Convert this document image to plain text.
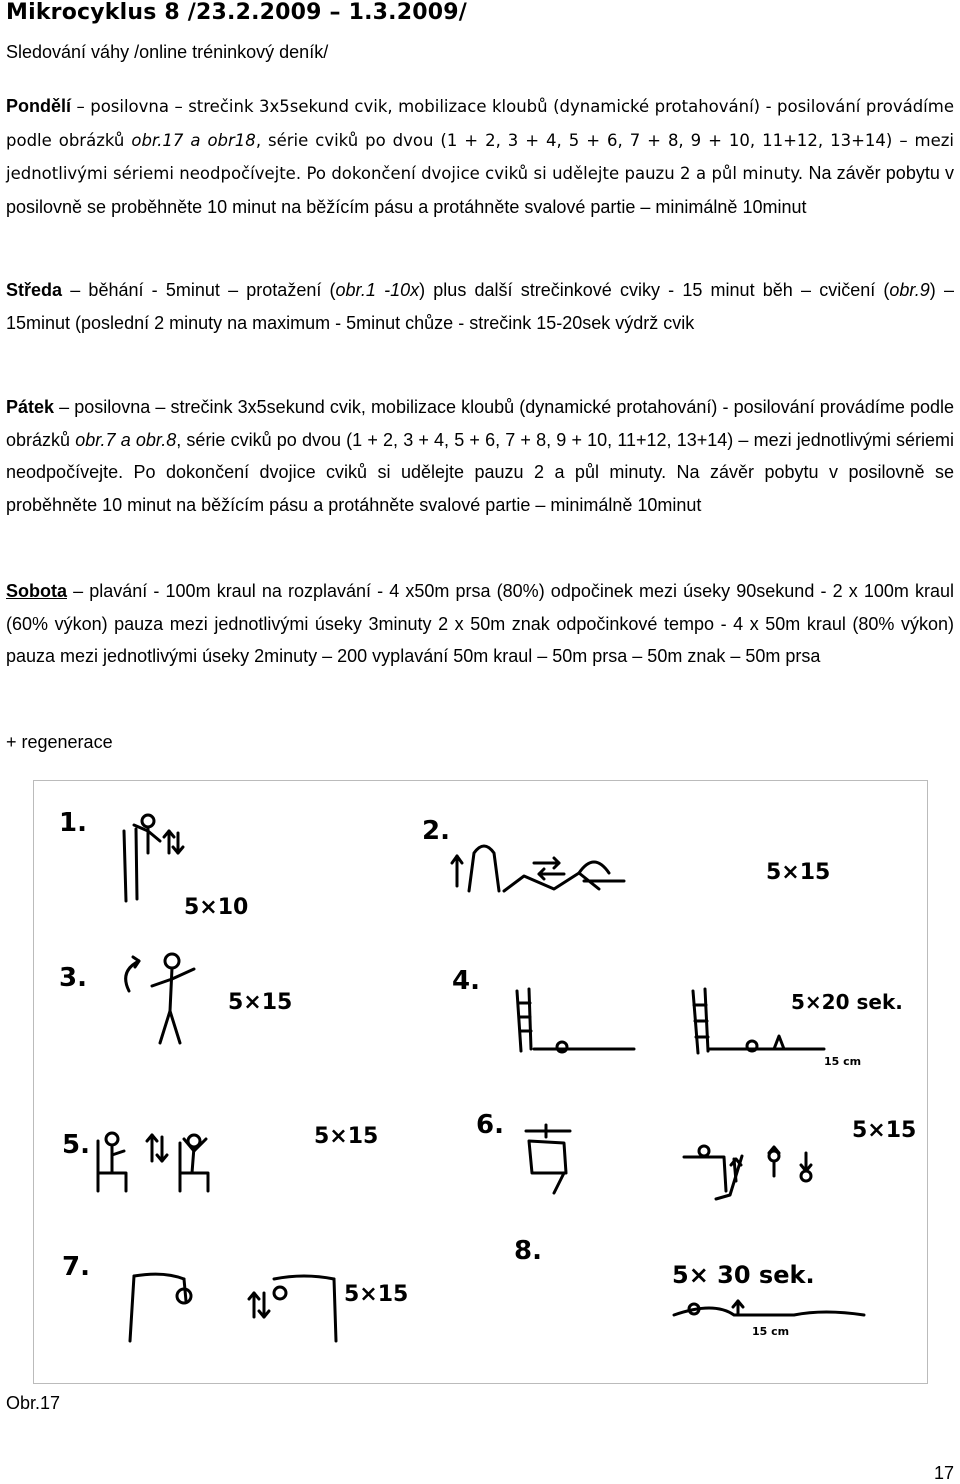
Mikrocyklus 8 /23.2.2009 – 1.3.2009/
Sledování váhy /online tréninkový deník/
Pondělí – posilovna – strečink 3x5sekund cvik, mobilizace kloubů (dynamické protahování) - posilování provádíme podle obrázků obr.17 a obr18, série cviků po dvou (1 + 2, 3 + 4, 5 + 6, 7 + 8, 9 + 10, 11+12, 13+14) – mezi jednotlivými sériemi neodpočívejte. Po dokončení dvojice cviků si udělejte pauzu 2 a půl minuty. Na závěr pobytu v posilovně se proběhněte 10 minut na běžícím pásu a protáhněte svalové partie – minimálně 10minut
Středa – běhání - 5minut – protažení (obr.1 -10x) plus další strečinkové cviky - 15 minut běh – cvičení (obr.9) – 15minut (poslední 2 minuty na maximum - 5minut chůze - strečink 15-20sek výdrž cvik
Pátek – posilovna – strečink 3x5sekund cvik, mobilizace kloubů (dynamické protahování) - posilování provádíme podle obrázků obr.7 a obr.8, série cviků po dvou (1 + 2, 3 + 4, 5 + 6, 7 + 8, 9 + 10, 11+12, 13+14) – mezi jednotlivými sériemi neodpočívejte. Po dokončení dvojice cviků si udělejte pauzu 2 a půl minuty. Na závěr pobytu v posilovně se proběhněte 10 minut na běžícím pásu a protáhněte svalové partie – minimálně 10minut
Sobota – plavání - 100m kraul na rozplavání - 4 x50m prsa (80%) odpočinek mezi úseky 90sekund - 2 x 100m kraul (60% výkon) pauza mezi jednotlivými úseky 3minuty 2 x 50m znak odpočinkové tempo - 4 x 50m kraul (80% výkon) pauza mezi jednotlivými úseky 2minuty – 200 vyplavání 50m kraul – 50m prsa – 50m znak – 50m prsa
+ regenerace
1.
5×10
2.
5×15
3.
5×15
4.
5×20 sek.
15 cm
5.	5×15	6.	5×15
7.
5×15
8.
5× 30 sek.
15 cm
Obr.17
17
